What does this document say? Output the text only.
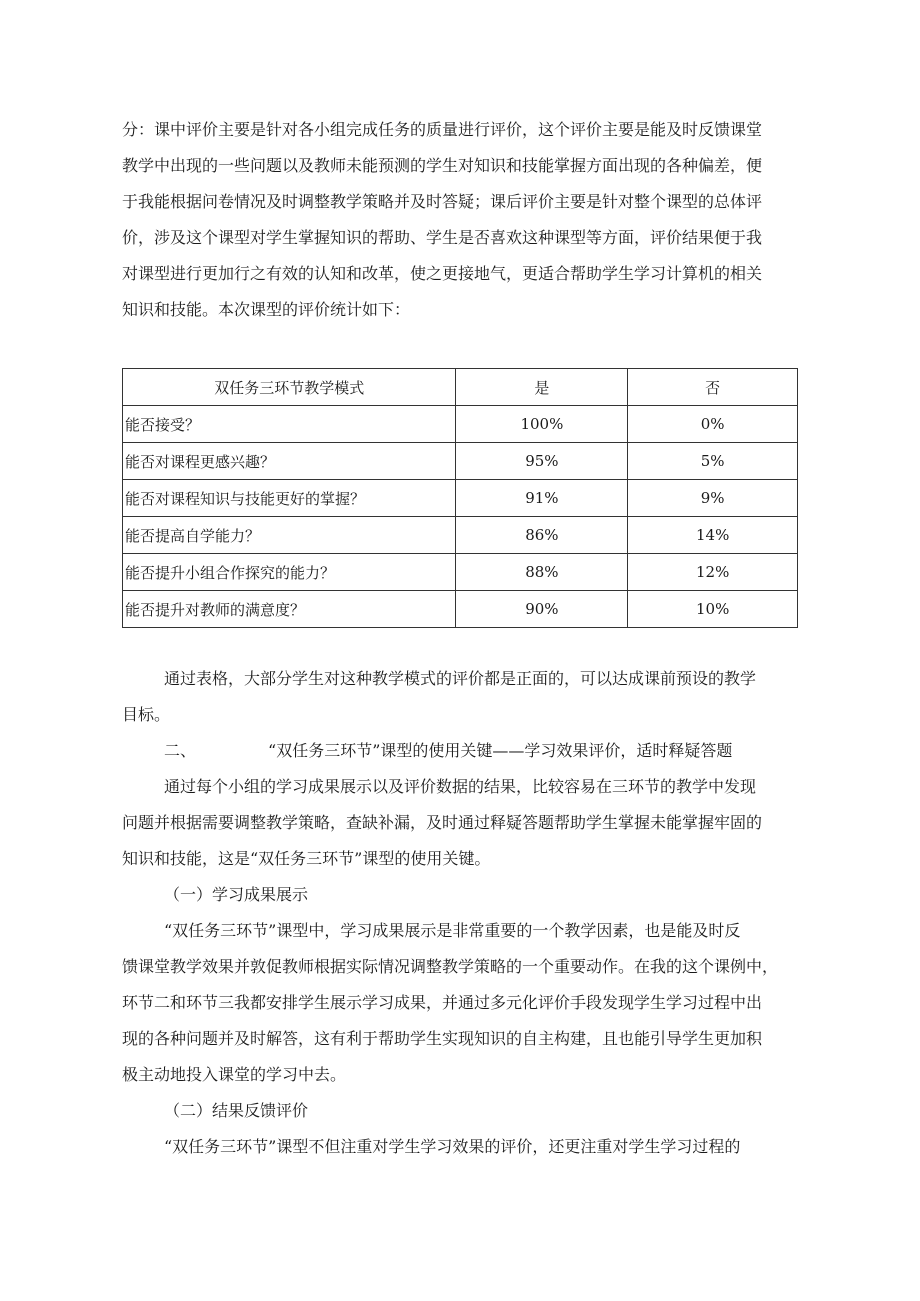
分：课中评价主要是针对各小组完成任务的质量进行评价，这个评价主要是能及时反馈课堂
教学中出现的一些问题以及教师未能预测的学生对知识和技能掌握方面出现的各种偏差，便
于我能根据问卷情况及时调整教学策略并及时答疑；课后评价主要是针对整个课型的总体评
价，涉及这个课型对学生掌握知识的帮助、学生是否喜欢这种课型等方面，评价结果便于我
对课型进行更加行之有效的认知和改革，使之更接地气，更适合帮助学生学习计算机的相关
知识和技能。本次课型的评价统计如下：

双任务三环节教学模式	是	否
能否接受？	100%	0%
能否对课程更感兴趣？	95%	5%
能否对课程知识与技能更好的掌握？	91%	9%
能否提高自学能力？	86%	14%
能否提升小组合作探究的能力？	88%	12%
能否提升对教师的满意度？	90%	10%

通过表格，大部分学生对这种教学模式的评价都是正面的，可以达成课前预设的教学
目标。

二、	“双任务三环节”课型的使用关键——学习效果评价，适时释疑答题

通过每个小组的学习成果展示以及评价数据的结果，比较容易在三环节的教学中发现
问题并根据需要调整教学策略，查缺补漏，及时通过释疑答题帮助学生掌握未能掌握牢固的
知识和技能，这是“双任务三环节”课型的使用关键。

（一）学习成果展示

“双任务三环节”课型中，学习成果展示是非常重要的一个教学因素，也是能及时反
馈课堂教学效果并敦促教师根据实际情况调整教学策略的一个重要动作。在我的这个课例中，
环节二和环节三我都安排学生展示学习成果，并通过多元化评价手段发现学生学习过程中出
现的各种问题并及时解答，这有利于帮助学生实现知识的自主构建，且也能引导学生更加积
极主动地投入课堂的学习中去。

（二）结果反馈评价

“双任务三环节”课型不但注重对学生学习效果的评价，还更注重对学生学习过程的
